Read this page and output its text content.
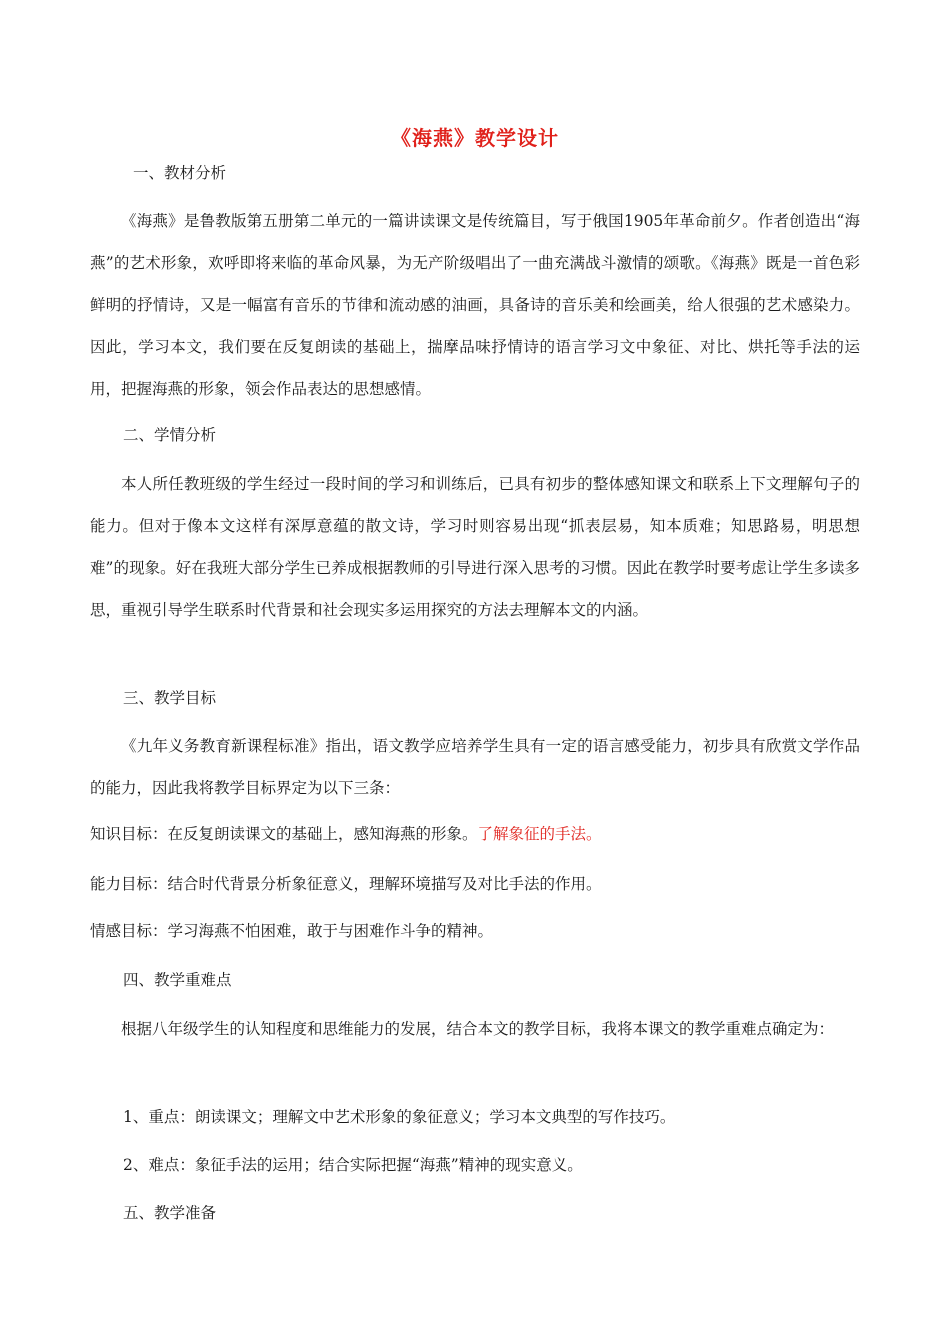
《海燕》教学设计

一、教材分析

《海燕》是鲁教版第五册第二单元的一篇讲读课文是传统篇目，写于俄国1905年革命前夕。作者创造出“海燕”的艺术形象，欢呼即将来临的革命风暴，为无产阶级唱出了一曲充满战斗激情的颂歌。《海燕》既是一首色彩鲜明的抒情诗，又是一幅富有音乐的节律和流动感的油画，具备诗的音乐美和绘画美，给人很强的艺术感染力。因此，学习本文，我们要在反复朗读的基础上，揣摩品味抒情诗的语言学习文中象征、对比、烘托等手法的运用，把握海燕的形象，领会作品表达的思想感情。

二、学情分析

本人所任教班级的学生经过一段时间的学习和训练后，已具有初步的整体感知课文和联系上下文理解句子的能力。但对于像本文这样有深厚意蕴的散文诗，学习时则容易出现“抓表层易，知本质难；知思路易，明思想难”的现象。好在我班大部分学生已养成根据教师的引导进行深入思考的习惯。因此在教学时要考虑让学生多读多思，重视引导学生联系时代背景和社会现实多运用探究的方法去理解本文的内涵。

三、教学目标

《九年义务教育新课程标准》指出，语文教学应培养学生具有一定的语言感受能力，初步具有欣赏文学作品的能力，因此我将教学目标界定为以下三条：

知识目标：在反复朗读课文的基础上，感知海燕的形象。了解象征的手法。

能力目标：结合时代背景分析象征意义，理解环境描写及对比手法的作用。

情感目标：学习海燕不怕困难，敢于与困难作斗争的精神。

四、教学重难点

根据八年级学生的认知程度和思维能力的发展，结合本文的教学目标，我将本课文的教学重难点确定为：

1、重点：朗读课文；理解文中艺术形象的象征意义；学习本文典型的写作技巧。

2、难点：象征手法的运用；结合实际把握“海燕”精神的现实意义。

五、教学准备
